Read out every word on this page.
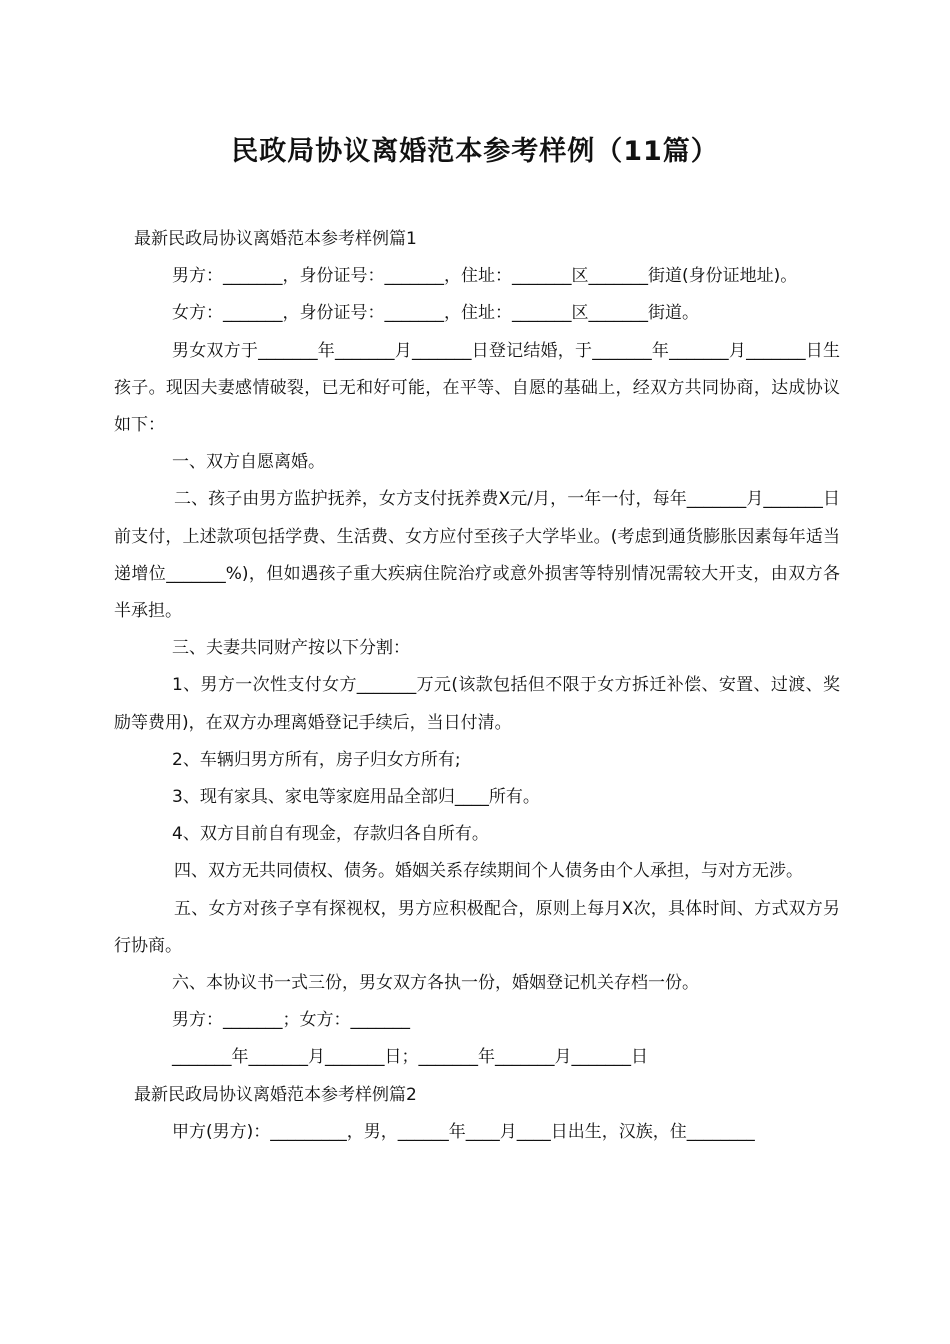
民政局协议离婚范本参考样例（11篇）

最新民政局协议离婚范本参考样例篇1

男方：_______，身份证号：_______，住址：_______区_______街道(身份证地址)。

女方：_______，身份证号：_______，住址：_______区_______街道。

男女双方于_______年_______月_______日登记结婚，于_______年_______月_______日生孩子。现因夫妻感情破裂，已无和好可能，在平等、自愿的基础上，经双方共同协商，达成协议如下：

一、双方自愿离婚。

二、孩子由男方监护抚养，女方支付抚养费X元/月，一年一付，每年_______月_______日前支付，上述款项包括学费、生活费、女方应付至孩子大学毕业。(考虑到通货膨胀因素每年适当递增位_______%)，但如遇孩子重大疾病住院治疗或意外损害等特别情况需较大开支，由双方各半承担。

三、夫妻共同财产按以下分割：

1、男方一次性支付女方_______万元(该款包括但不限于女方拆迁补偿、安置、过渡、奖励等费用)，在双方办理离婚登记手续后，当日付清。

2、车辆归男方所有，房子归女方所有;

3、现有家具、家电等家庭用品全部归____所有。

4、双方目前自有现金，存款归各自所有。

四、双方无共同债权、债务。婚姻关系存续期间个人债务由个人承担，与对方无涉。

五、女方对孩子享有探视权，男方应积极配合，原则上每月X次，具体时间、方式双方另行协商。

六、本协议书一式三份，男女双方各执一份，婚姻登记机关存档一份。

男方：_______；女方：_______

_______年_______月_______日；_______年_______月_______日

最新民政局协议离婚范本参考样例篇2

甲方(男方)：_________，男，______年____月____日出生，汉族，住________
